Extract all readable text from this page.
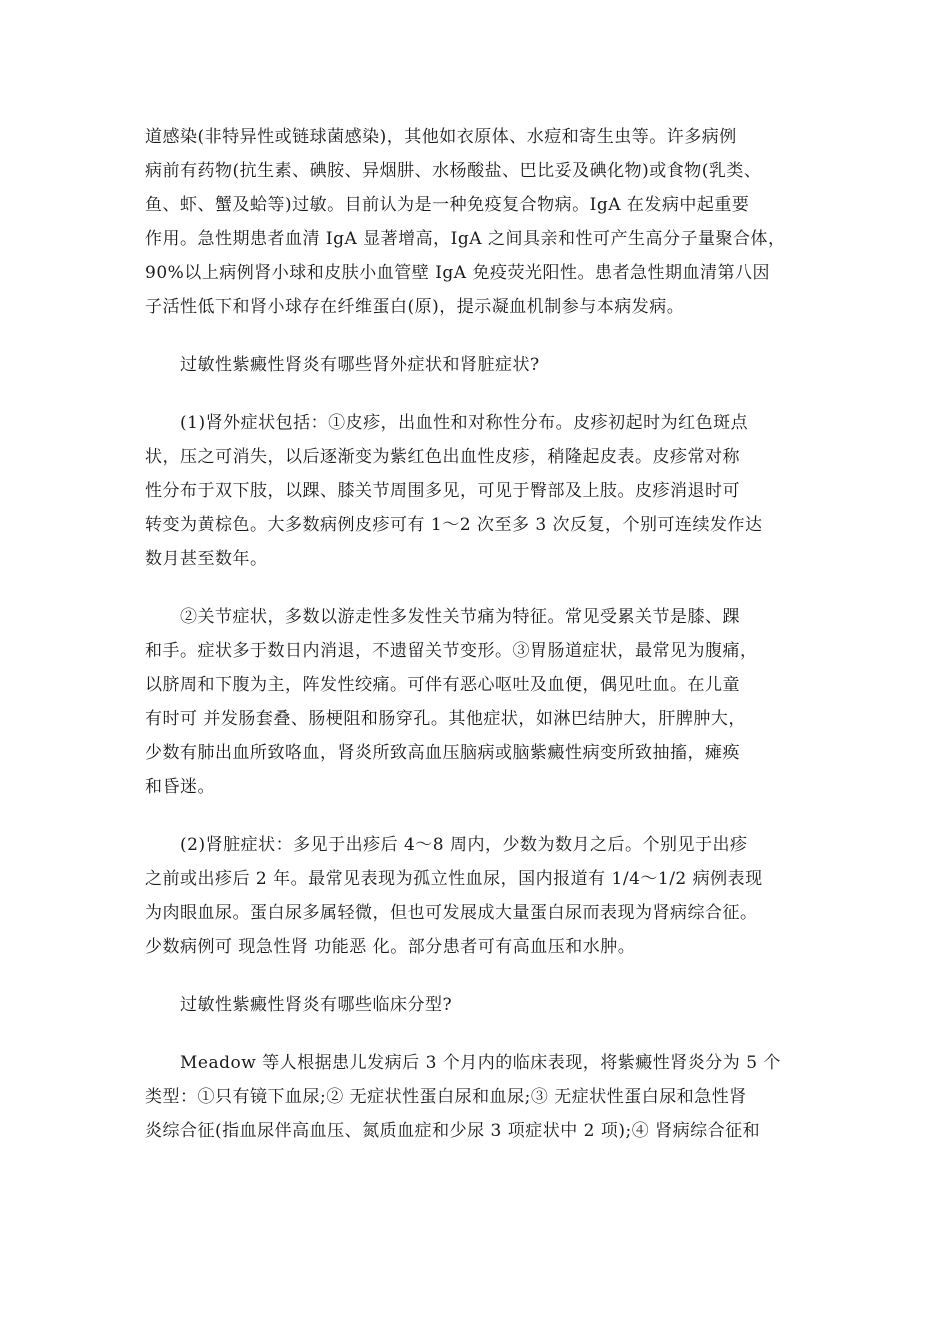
道感染(非特异性或链球菌感染)，其他如衣原体、水痘和寄生虫等。许多病例
病前有药物(抗生素、碘胺、异烟肼、水杨酸盐、巴比妥及碘化物)或食物(乳类、
鱼、虾、蟹及蛤等)过敏。目前认为是一种免疫复合物病。IgA 在发病中起重要
作用。急性期患者血清 IgA 显著增高，IgA 之间具亲和性可产生高分子量聚合体，
90%以上病例肾小球和皮肤小血管壁 IgA 免疫荧光阳性。患者急性期血清第八因
子活性低下和肾小球存在纤维蛋白(原)，提示凝血机制参与本病发病。
　　过敏性紫癜性肾炎有哪些肾外症状和肾脏症状?
　　(1)肾外症状包括：①皮疹，出血性和对称性分布。皮疹初起时为红色斑点
状，压之可消失，以后逐渐变为紫红色出血性皮疹，稍隆起皮表。皮疹常对称
性分布于双下肢，以踝、膝关节周围多见，可见于臀部及上肢。皮疹消退时可
转变为黄棕色。大多数病例皮疹可有 1～2 次至多 3 次反复，个别可连续发作达
数月甚至数年。
　　②关节症状，多数以游走性多发性关节痛为特征。常见受累关节是膝、踝
和手。症状多于数日内消退，不遗留关节变形。③胃肠道症状，最常见为腹痛，
以脐周和下腹为主，阵发性绞痛。可伴有恶心呕吐及血便，偶见吐血。在儿童
有时可 并发肠套叠、肠梗阻和肠穿孔。其他症状，如淋巴结肿大，肝脾肿大，
少数有肺出血所致咯血，肾炎所致高血压脑病或脑紫癜性病变所致抽搐，瘫痪
和昏迷。
　　(2)肾脏症状：多见于出疹后 4～8 周内，少数为数月之后。个别见于出疹
之前或出疹后 2 年。最常见表现为孤立性血尿，国内报道有 1/4～1/2 病例表现
为肉眼血尿。蛋白尿多属轻微，但也可发展成大量蛋白尿而表现为肾病综合征。
少数病例可 现急性肾 功能恶 化。部分患者可有高血压和水肿。
　　过敏性紫癜性肾炎有哪些临床分型?
　　Meadow 等人根据患儿发病后 3 个月内的临床表现，将紫癜性肾炎分为 5 个
类型：①只有镜下血尿;② 无症状性蛋白尿和血尿;③ 无症状性蛋白尿和急性肾
炎综合征(指血尿伴高血压、氮质血症和少尿 3 项症状中 2 项);④ 肾病综合征和
